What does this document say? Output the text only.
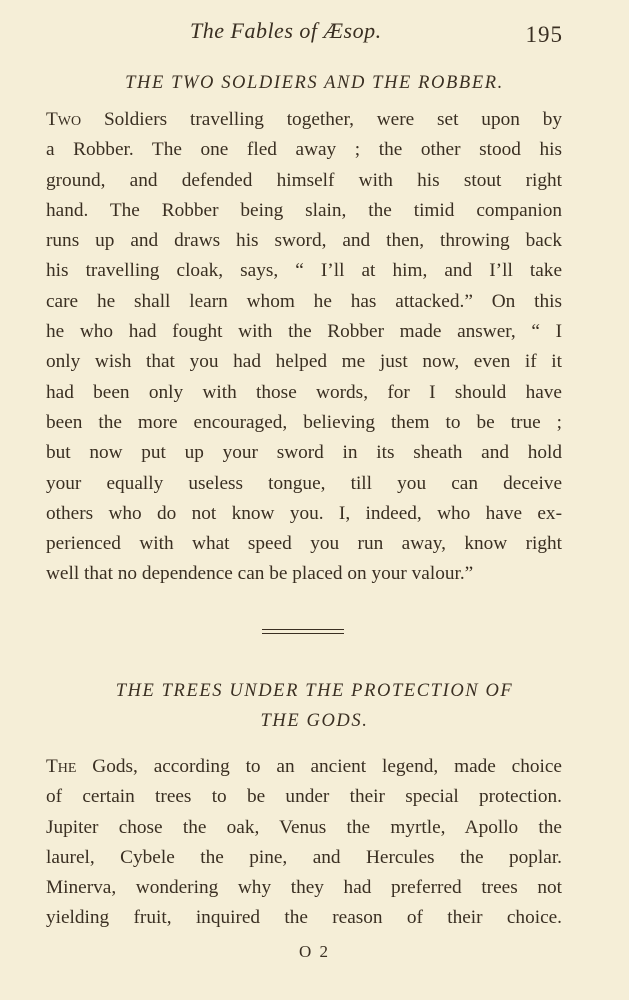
The Fables of Æsop.	195
THE TWO SOLDIERS AND THE ROBBER.
Two Soldiers travelling together, were set upon by
a Robber. The one fled away ; the other stood his
ground, and defended himself with his stout right
hand. The Robber being slain, the timid companion
runs up and draws his sword, and then, throwing back
his travelling cloak, says, “ I’ll at him, and I’ll take
care he shall learn whom he has attacked.” On this
he who had fought with the Robber made answer, “ I
only wish that you had helped me just now, even if it
had been only with those words, for I should have
been the more encouraged, believing them to be true ;
but now put up your sword in its sheath and hold
your equally useless tongue, till you can deceive
others who do not know you. I, indeed, who have ex-
perienced with what speed you run away, know right
well that no dependence can be placed on your valour.”
THE TREES UNDER THE PROTECTION OF
THE GODS.
The Gods, according to an ancient legend, made choice
of certain trees to be under their special protection.
Jupiter chose the oak, Venus the myrtle, Apollo the
laurel, Cybele the pine, and Hercules the poplar.
Minerva, wondering why they had preferred trees not
yielding fruit, inquired the reason of their choice.
O 2
